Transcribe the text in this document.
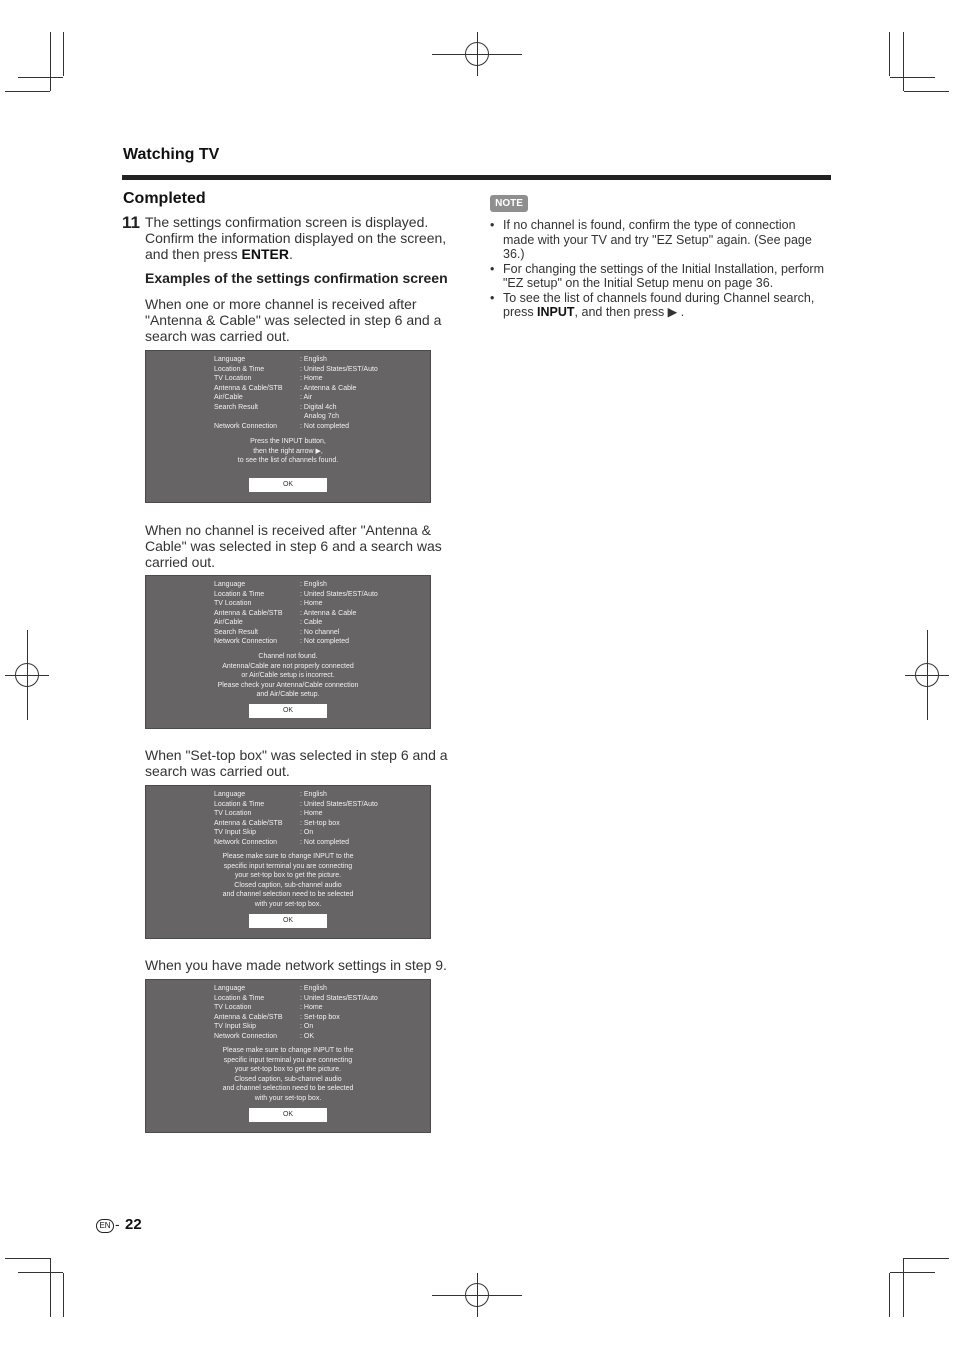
Watching TV
Completed
11 The settings confirmation screen is displayed. Confirm the information displayed on the screen, and then press ENTER.
Examples of the settings confirmation screen
When one or more channel is received after "Antenna & Cable" was selected in step 6 and a search was carried out.
Language	: English
Location & Time	: United States/EST/Auto
TV Location	: Home
Antenna & Cable/STB	: Antenna & Cable
Air/Cable	: Air
Search Result	: Digital 4ch
Analog 7ch
Network Connection	: Not completed
Press the INPUT button,
then the right arrow ▶,
to see the list of channels found.
OK
When no channel is received after "Antenna & Cable" was selected in step 6 and a search was carried out.
Language	: English
Location & Time	: United States/EST/Auto
TV Location	: Home
Antenna & Cable/STB	: Antenna & Cable
Air/Cable	: Cable
Search Result	: No channel
Network Connection	: Not completed
Channel not found.
Antenna/Cable are not properly connected
or Air/Cable setup is incorrect.
Please check your Antenna/Cable connection
and Air/Cable setup.
OK
When "Set-top box" was selected in step 6 and a search was carried out.
Language	: English
Location & Time	: United States/EST/Auto
TV Location	: Home
Antenna & Cable/STB	: Set-top box
TV Input Skip	: On
Network Connection	: Not completed
Please make sure to change INPUT to the
specific input terminal you are connecting
your set-top box to get the picture.
Closed caption, sub-channel audio
and channel selection need to be selected
with your set-top box.
OK
When you have made network settings in step 9.
Language	: English
Location & Time	: United States/EST/Auto
TV Location	: Home
Antenna & Cable/STB	: Set-top box
TV Input Skip	: On
Network Connection	: OK
Please make sure to change INPUT to the
specific input terminal you are connecting
your set-top box to get the picture.
Closed caption, sub-channel audio
and channel selection need to be selected
with your set-top box.
OK
NOTE
• If no channel is found, confirm the type of connection made with your TV and try "EZ Setup" again. (See page 36.)
• For changing the settings of the Initial Installation, perform "EZ setup" on the Initial Setup menu on page 36.
• To see the list of channels found during Channel search, press INPUT, and then press ▶ .
EN - 22
